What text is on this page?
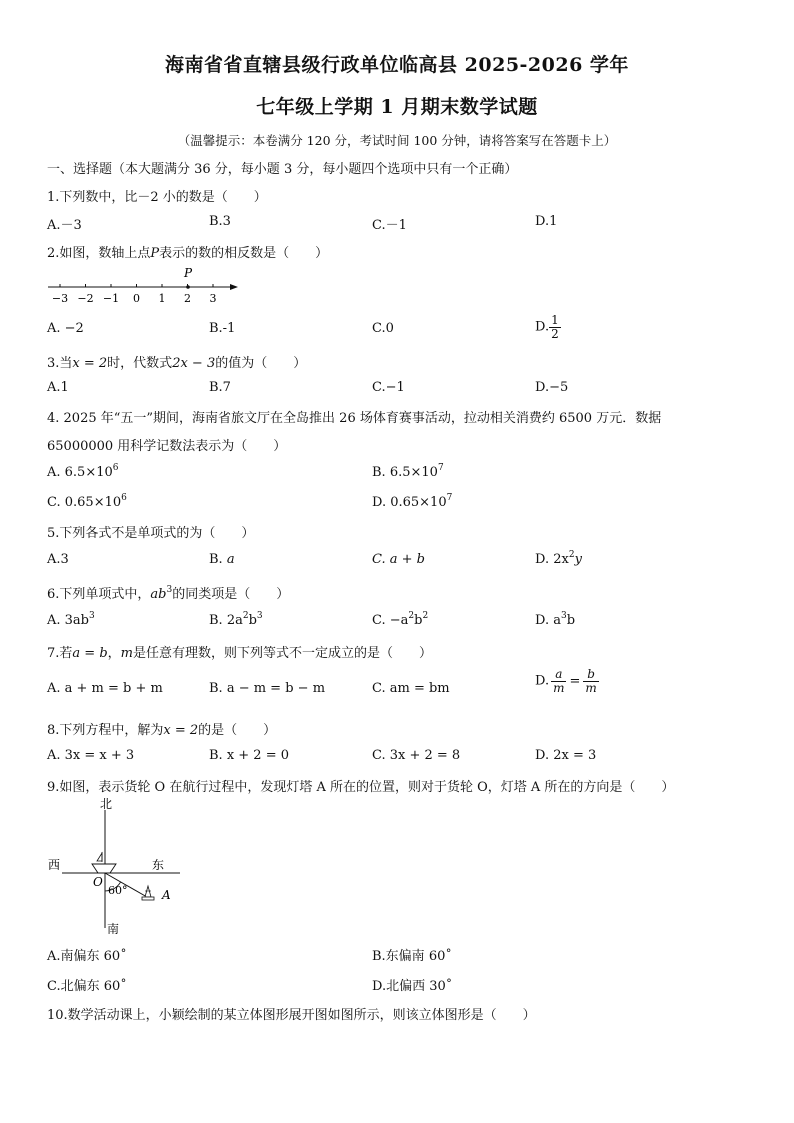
海南省省直辖县级行政单位临高县 2025-2026 学年
七年级上学期 1 月期末数学试题
（温馨提示：本卷满分 120 分，考试时间 100 分钟，请将答案写在答题卡上）
一、选择题（本大题满分 36 分，每小题 3 分，每小题四个选项中只有一个正确）
1.下列数中，比－2 小的数是（　　）
A.－3	B.3	C.－1	D.1
2.如图，数轴上点P表示的数的相反数是（　　）
−3 −2 −1 0 1 2 3
P
A. −2	B.-1	C.0	D. $\frac{1}{2}$
3.当x = 2时，代数式2x − 3的值为（　　）
A.1	B.7	C.−1	D.−5
4. 2025 年“五一”期间，海南省旅文厅在全岛推出 26 场体育赛事活动，拉动相关消费约 6500 万元．数据
65000000 用科学记数法表示为（　　）
A. $6.5\times 10^6$	B. $6.5\times 10^7$
C. $0.65\times 10^6$	D. $0.65\times 10^7$
5.下列各式不是单项式的为（　　）
A.3	B. a	C. a + b	D. $2x^2y$
6.下列单项式中，$ab^3$的同类项是（　　）
A. $3ab^3$	B. $2a^2b^3$	C. $-a^2b^2$	D. $a^3b$
7.若a = b，m是任意有理数，则下列等式不一定成立的是（　　）
A. a + m = b + m	B. a − m = b − m	C. am = bm	D. $\frac{a}{m} = \frac{b}{m}$
8.下列方程中，解为x = 2的是（　　）
A. 3x = x + 3	B. x + 2 = 0	C. 3x + 2 = 8	D. 2x = 3
9.如图，表示货轮 O 在航行过程中，发现灯塔 A 所在的位置，则对于货轮 O，灯塔 A 所在的方向是（　　）
北
南
西	东
O
60°	A
A.南偏东 60˚	B.东偏南 60˚
C.北偏东 60˚	D.北偏西 30˚
10.数学活动课上，小颖绘制的某立体图形展开图如图所示，则该立体图形是（　　）
